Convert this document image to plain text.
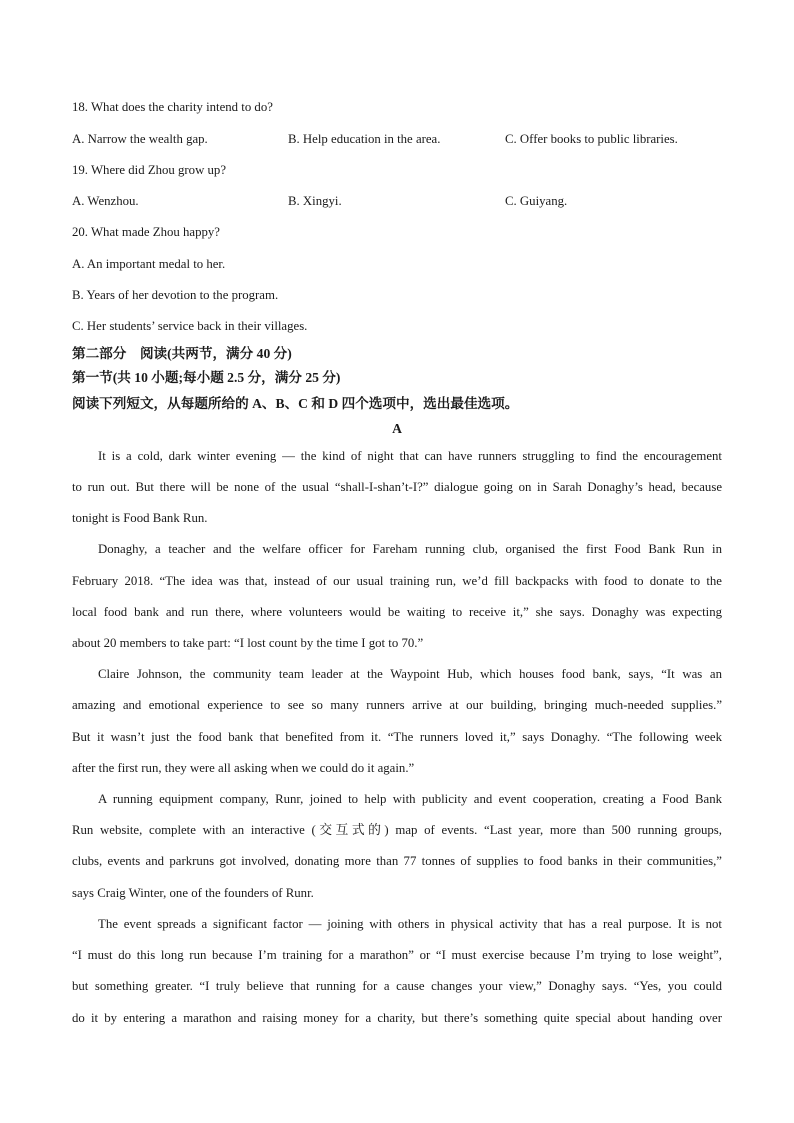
18. What does the charity intend to do?

A. Narrow the wealth gap.	B. Help education in the area.	C. Offer books to public libraries.

19. Where did Zhou grow up?

A. Wenzhou.	B. Xingyi.	C. Guiyang.

20. What made Zhou happy?

A. An important medal to her.

B. Years of her devotion to the program.

C. Her students’ service back in their villages.

第二部分　阅读(共两节，满分 40 分)

第一节(共 10 小题;每小题 2.5 分，满分 25 分)

阅读下列短文，从每题所给的 A、B、C 和 D 四个选项中，选出最佳选项。

A

It is a cold, dark winter evening — the kind of night that can have runners struggling to find the encouragement

to run out. But there will be none of the usual “shall-I-shan’t-I?” dialogue going on in Sarah Donaghy’s head, because

tonight is Food Bank Run.

Donaghy, a teacher and the welfare officer for Fareham running club, organised the first Food Bank Run in

February 2018. “The idea was that, instead of our usual training run, we’d fill backpacks with food to donate to the

local food bank and run there, where volunteers would be waiting to receive it,” she says. Donaghy was expecting

about 20 members to take part: “I lost count by the time I got to 70.”

Claire Johnson, the community team leader at the Waypoint Hub, which houses food bank, says, “It was an

amazing and emotional experience to see so many runners arrive at our building, bringing much-needed supplies.”

But it wasn’t just the food bank that benefited from it. “The runners loved it,” says Donaghy. “The following week

after the first run, they were all asking when we could do it again.”

A running equipment company, Runr, joined to help with publicity and event cooperation, creating a Food Bank

Run website, complete with an interactive (交互式的) map of events. “Last year, more than 500 running groups,

clubs, events and parkruns got involved, donating more than 77 tonnes of supplies to food banks in their communities,”

says Craig Winter, one of the founders of Runr.

The event spreads a significant factor — joining with others in physical activity that has a real purpose. It is not

“I must do this long run because I’m training for a marathon” or “I must exercise because I’m trying to lose weight”,

but something greater. “I truly believe that running for a cause changes your view,” Donaghy says. “Yes, you could

do it by entering a marathon and raising money for a charity, but there’s something quite special about handing over
